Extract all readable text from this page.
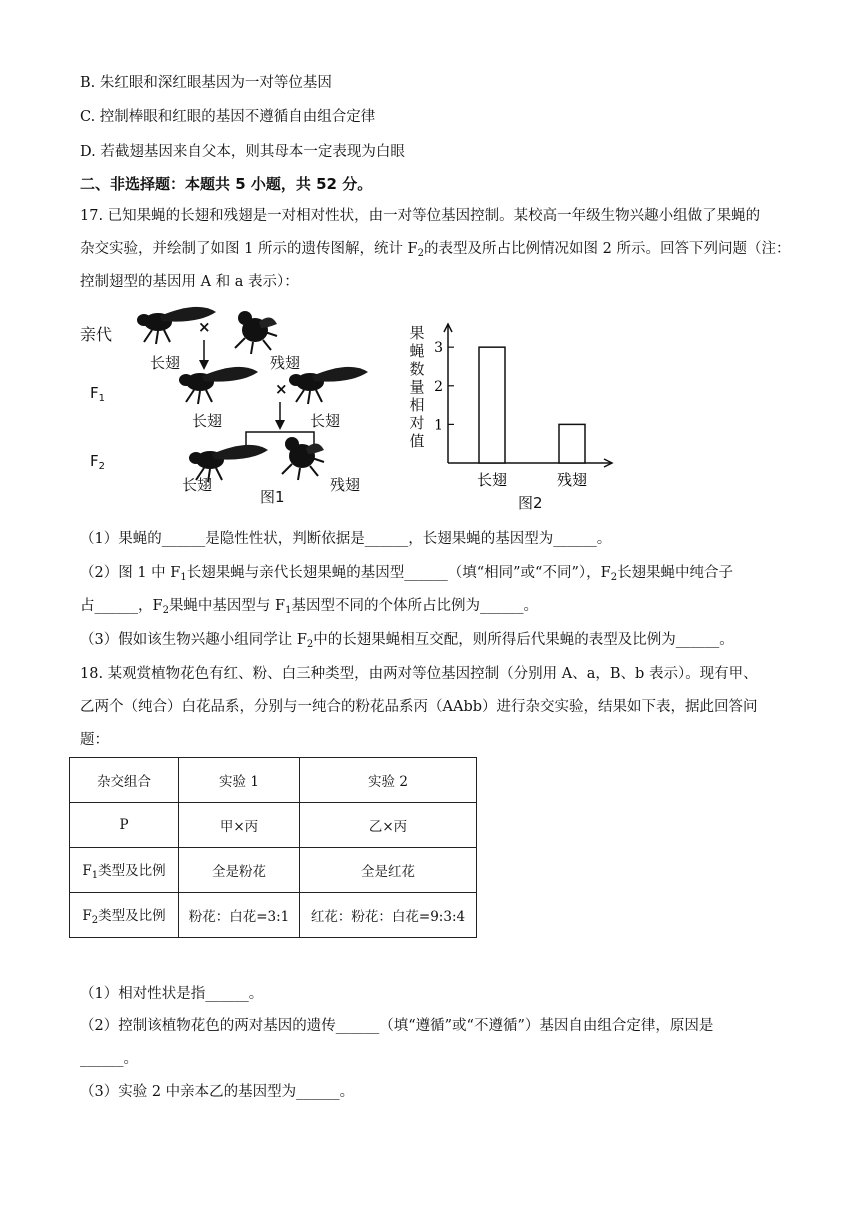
B. 朱红眼和深红眼基因为一对等位基因
C. 控制棒眼和红眼的基因不遵循自由组合定律
D. 若截翅基因来自父本，则其母本一定表现为白眼
二、非选择题：本题共 5 小题，共 52 分。
17. 已知果蝇的长翅和残翅是一对相对性状，由一对等位基因控制。某校高一年级生物兴趣小组做了果蝇的
杂交实验，并绘制了如图 1 所示的遗传图解，统计 $F_2$的表型及所占比例情况如图 2 所示。回答下列问题（注：
控制翅型的基因用 A 和 a 表示）：
亲代	×
长翅	残翅
$F_1$
×
长翅	长翅
$F_2$
长翅	残翅
图1
1
2
3
长翅	残翅
果蝇数量相对值
图2
（1）果蝇的______是隐性性状，判断依据是______，长翅果蝇的基因型为______。
（2）图 1 中 $F_1$长翅果蝇与亲代长翅果蝇的基因型______（填“相同”或“不同”），$F_2$长翅果蝇中纯合子
占______，$F_2$果蝇中基因型与 $F_1$基因型不同的个体所占比例为______。
（3）假如该生物兴趣小组同学让 $F_2$中的长翅果蝇相互交配，则所得后代果蝇的表型及比例为______。
18. 某观赏植物花色有红、粉、白三种类型，由两对等位基因控制（分别用 A、a，B、b 表示）。现有甲、
乙两个（纯合）白花品系，分别与一纯合的粉花品系丙（AAbb）进行杂交实验，结果如下表，据此回答问
题：
杂交组合	实验 1	实验 2
P	甲×丙	乙×丙
$F_1$类型及比例	全是粉花	全是红花
$F_2$类型及比例	粉花：白花=3:1	红花：粉花：白花=9:3:4
（1）相对性状是指______。
（2）控制该植物花色的两对基因的遗传______（填“遵循”或“不遵循”）基因自由组合定律，原因是
______。
（3）实验 2 中亲本乙的基因型为______。
